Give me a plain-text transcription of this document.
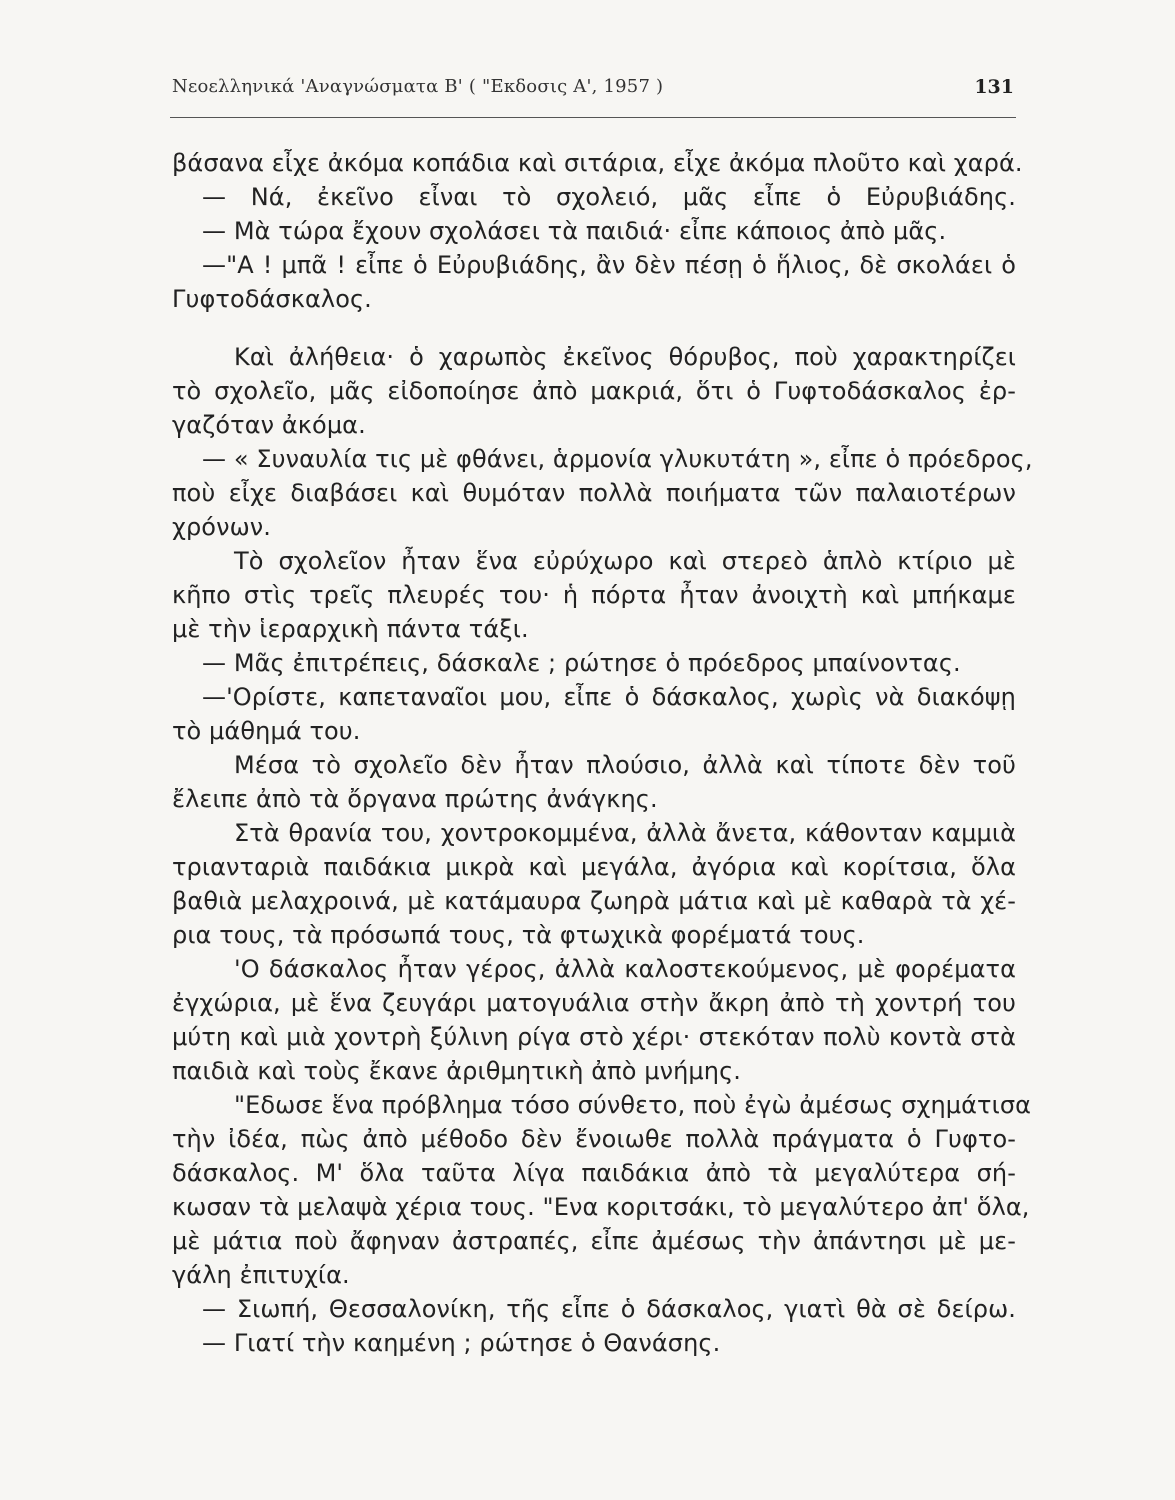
Νεοελληνικά 'Αναγνώσματα Β' ( "Εκδοσις Α', 1957 )	131
βάσανα εἶχε ἀκόμα κοπάδια καὶ σιτάρια, εἶχε ἀκόμα πλοῦτο καὶ χαρά.
— Νά, ἐκεῖνο εἶναι τὸ σχολειό, μᾶς εἶπε ὁ Εὐρυβιάδης.
— Μὰ τώρα ἔχουν σχολάσει τὰ παιδιά· εἶπε κάποιος ἀπὸ μᾶς.
—"Α ! μπᾶ ! εἶπε ὁ Εὐρυβιάδης, ἂν δὲν πέσῃ ὁ ἥλιος, δὲ σκολάει ὁ
Γυφτοδάσκαλος.
Καὶ ἀλήθεια· ὁ χαρωπὸς ἐκεῖνος θόρυβος, ποὺ χαρακτηρίζει
τὸ σχολεῖο, μᾶς εἰδοποίησε ἀπὸ μακριά, ὅτι ὁ Γυφτοδάσκαλος ἐρ-
γαζόταν ἀκόμα.
— « Συναυλία τις μὲ φθάνει, ἁρμονία γλυκυτάτη », εἶπε ὁ πρόεδρος,
ποὺ εἶχε διαβάσει καὶ θυμόταν πολλὰ ποιήματα τῶν παλαιοτέρων
χρόνων.
Τὸ σχολεῖον ἦταν ἕνα εὐρύχωρο καὶ στερεὸ ἁπλὸ κτίριο μὲ
κῆπο στὶς τρεῖς πλευρές του· ἡ πόρτα ἦταν ἀνοιχτὴ καὶ μπήκαμε
μὲ τὴν ἱεραρχικὴ πάντα τάξι.
— Μᾶς ἐπιτρέπεις, δάσκαλε ; ρώτησε ὁ πρόεδρος μπαίνοντας.
—'Ορίστε, καπεταναῖοι μου, εἶπε ὁ δάσκαλος, χωρὶς νὰ διακόψῃ
τὸ μάθημά του.
Μέσα τὸ σχολεῖο δὲν ἦταν πλούσιο, ἀλλὰ καὶ τίποτε δὲν τοῦ
ἔλειπε ἀπὸ τὰ ὄργανα πρώτης ἀνάγκης.
Στὰ θρανία του, χοντροκομμένα, ἀλλὰ ἄνετα, κάθονταν καμμιὰ
τριανταριὰ παιδάκια μικρὰ καὶ μεγάλα, ἀγόρια καὶ κορίτσια, ὅλα
βαθιὰ μελαχροινά, μὲ κατάμαυρα ζωηρὰ μάτια καὶ μὲ καθαρὰ τὰ χέ-
ρια τους, τὰ πρόσωπά τους, τὰ φτωχικὰ φορέματά τους.
'Ο δάσκαλος ἦταν γέρος, ἀλλὰ καλοστεκούμενος, μὲ φορέματα
ἐγχώρια, μὲ ἕνα ζευγάρι ματογυάλια στὴν ἄκρη ἀπὸ τὴ χοντρή του
μύτη καὶ μιὰ χοντρὴ ξύλινη ρίγα στὸ χέρι· στεκόταν πολὺ κοντὰ στὰ
παιδιὰ καὶ τοὺς ἔκανε ἀριθμητικὴ ἀπὸ μνήμης.
"Εδωσε ἕνα πρόβλημα τόσο σύνθετο, ποὺ ἐγὼ ἀμέσως σχημάτισα
τὴν ἰδέα, πὼς ἀπὸ μέθοδο δὲν ἔνοιωθε πολλὰ πράγματα ὁ Γυφτο-
δάσκαλος. Μ' ὅλα ταῦτα λίγα παιδάκια ἀπὸ τὰ μεγαλύτερα σή-
κωσαν τὰ μελαψὰ χέρια τους. "Ενα κοριτσάκι, τὸ μεγαλύτερο ἀπ' ὅλα,
μὲ μάτια ποὺ ἄφηναν ἀστραπές, εἶπε ἀμέσως τὴν ἀπάντησι μὲ με-
γάλη ἐπιτυχία.
— Σιωπή, Θεσσαλονίκη, τῆς εἶπε ὁ δάσκαλος, γιατὶ θὰ σὲ δείρω.
— Γιατί τὴν καημένη ; ρώτησε ὁ Θανάσης.
